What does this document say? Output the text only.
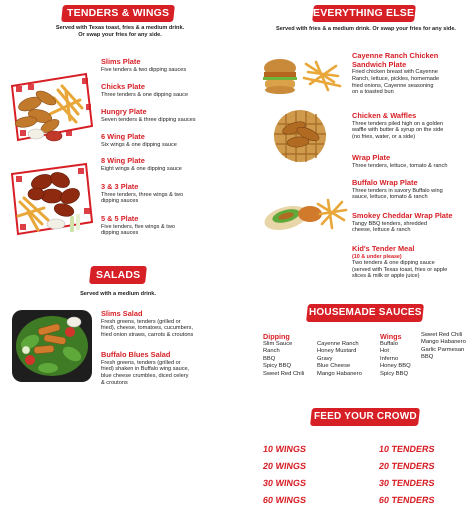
TENDERS & WINGS
Served with Texas toast, fries & a medium drink.
Or swap your fries for any side.
Slims Plate
Five tenders & two dipping sauces
Chicks Plate
Three tenders & one dipping sauce
Hungry Plate
Seven tenders & three dipping sauces
6 Wing Plate
Six wings & one dipping sauce
8 Wing Plate
Eight wings & one dipping sauce
3 & 3 Plate
Three tenders, three wings & two
dipping sauces
5 & 5 Plate
Five tenders, five wings & two
dipping sauces
SALADS
Served with a medium drink.
Slims Salad
Fresh greens, tenders (grilled or
fried), cheese, tomatoes, cucumbers,
fried onion straws, carrots & croutons
Buffalo Blues Salad
Fresh greens, tenders (grilled or
fried) shaken in Buffalo wing sauce,
blue cheese crumbles, diced celery
& croutons
EVERYTHING ELSE
Served with fries & a medium drink. Or swap your fries for any side.
Cayenne Ranch Chicken
Sandwich Plate
Fried chicken breast with Cayenne
Ranch, lettuce, pickles, homemade
fried onions, Cayenne seasoning
on a toasted bun
Chicken & Waffles
Three tenders piled high on a golden
waffle with butter & syrup on the side
(no fries, water, or a side)
Wrap Plate
Three tenders, lettuce, tomato & ranch
Buffalo Wrap Plate
Three tenders in savory Buffalo wing
sauce, lettuce, tomato & ranch
Smokey Cheddar Wrap Plate
Tangy BBQ tenders, shredded
cheese, lettuce & ranch
Kid's Tender Meal
(10 & under please)
Two tenders & one dipping sauce
(served with Texas toast, fries or apple
slices & milk or apple juice)
HOUSEMADE SAUCES
Dipping
Slim Sauce
Ranch
BBQ
Spicy BBQ
Sweet Red Chili
Cayenne Ranch
Honey Mustard
Gravy
Blue Cheese
Mango Habanero
Wings
Buffalo
Hot
Inferno
Honey BBQ
Spicy BBQ
Sweet Red Chili
Mango Habanero
Garlic Parmesan
BBQ
FEED YOUR CROWD
10 WINGS
20 WINGS
30 WINGS
60 WINGS
10 TENDERS
20 TENDERS
30 TENDERS
60 TENDERS
